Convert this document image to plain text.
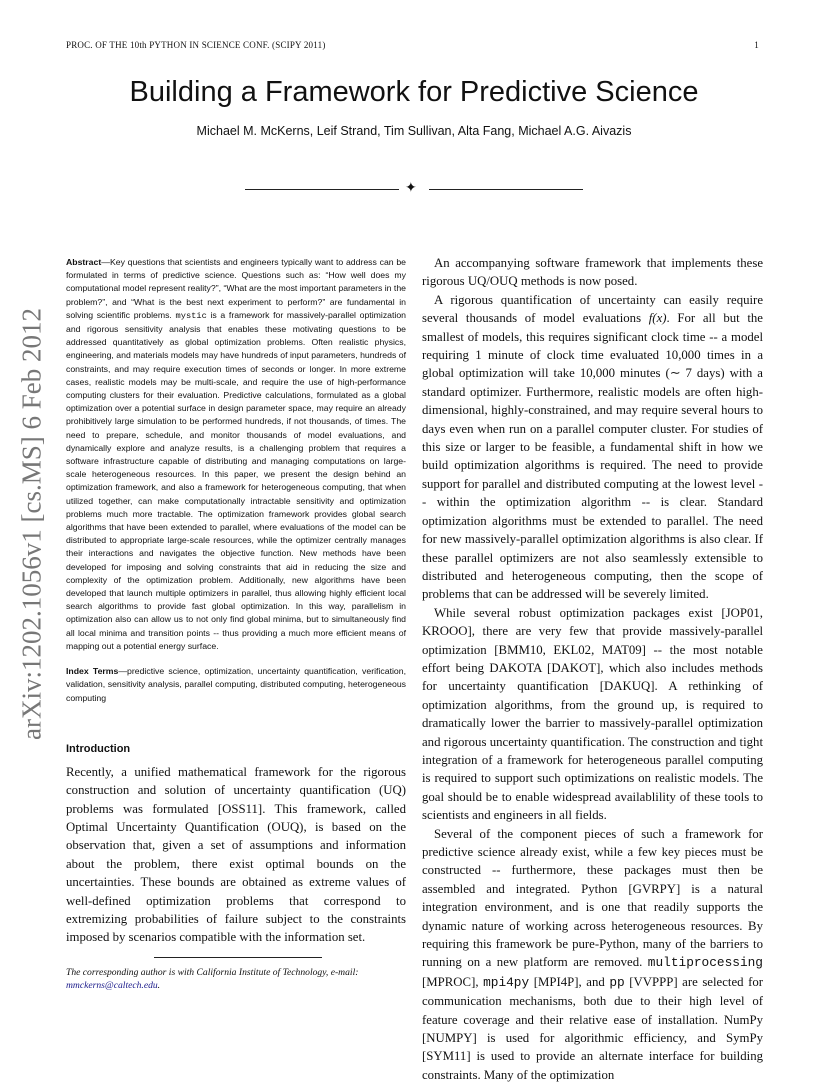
PROC. OF THE 10th PYTHON IN SCIENCE CONF. (SCIPY 2011)	1
Building a Framework for Predictive Science
Michael M. McKerns, Leif Strand, Tim Sullivan, Alta Fang, Michael A.G. Aivazis
✦
arXiv:1202.1056v1 [cs.MS] 6 Feb 2012

Abstract—Key questions that scientists and engineers typically want to address can be formulated in terms of predictive science. Questions such as: “How well does my computational model represent reality?”, “What are the most important parameters in the problem?”, and “What is the best next experiment to perform?” are fundamental in solving scientific problems. mystic is a framework for massively-parallel optimization and rigorous sensitivity analysis that enables these motivating questions to be addressed quantitatively as global optimization problems. Often realistic physics, engineering, and materials models may have hundreds of input parameters, hundreds of constraints, and may require execution times of seconds or longer. In more extreme cases, realistic models may be multi-scale, and require the use of high-performance computing clusters for their evaluation. Predictive calculations, formulated as a global optimization over a potential surface in design parameter space, may require an already prohibitively large simulation to be performed hundreds, if not thousands, of times. The need to prepare, schedule, and monitor thousands of model evaluations, and dynamically explore and analyze results, is a challenging problem that requires a software infrastructure capable of distributing and managing computations on large-scale heterogeneous resources. In this paper, we present the design behind an optimization framework, and also a framework for heterogeneous computing, that when utilized together, can make computationally intractable sensitivity and optimization problems much more tractable. The optimization framework provides global search algorithms that have been extended to parallel, where evaluations of the model can be distributed to appropriate large-scale resources, while the optimizer centrally manages their interactions and navigates the objective function. New methods have been developed for imposing and solving constraints that aid in reducing the size and complexity of the optimization problem. Additionally, new algorithms have been developed that launch multiple optimizers in parallel, thus allowing highly efficient local search algorithms to provide fast global optimization. In this way, parallelism in optimization also can allow us to not only find global minima, but to simultaneously find all local minima and transition points -- thus providing a much more efficient means of mapping out a potential energy surface.

Index Terms—predictive science, optimization, uncertainty quantification, verification, validation, sensitivity analysis, parallel computing, distributed computing, heterogeneous computing

Introduction

Recently, a unified mathematical framework for the rigorous construction and solution of uncertainty quantification (UQ) problems was formulated [OSS11]. This framework, called Optimal Uncertainty Quantification (OUQ), is based on the observation that, given a set of assumptions and information about the problem, there exist optimal bounds on the uncertainties. These bounds are obtained as extreme values of well-defined optimization problems that correspond to extremizing probabilities of failure subject to the constraints imposed by scenarios compatible with the information set.

The corresponding author is with California Institute of Technology, e-mail: mmckerns@caltech.edu.

An accompanying software framework that implements these rigorous UQ/OUQ methods is now posed.

A rigorous quantification of uncertainty can easily require several thousands of model evaluations f(x). For all but the smallest of models, this requires significant clock time -- a model requiring 1 minute of clock time evaluated 10,000 times in a global optimization will take 10,000 minutes (∼ 7 days) with a standard optimizer. Furthermore, realistic models are often high-dimensional, highly-constrained, and may require several hours to days even when run on a parallel computer cluster. For studies of this size or larger to be feasible, a fundamental shift in how we build optimization algorithms is required. The need to provide support for parallel and distributed computing at the lowest level -- within the optimization algorithm -- is clear. Standard optimization algorithms must be extended to parallel. The need for new massively-parallel optimization algorithms is also clear. If these parallel optimizers are not also seamlessly extensible to distributed and heterogeneous computing, then the scope of problems that can be addressed will be severely limited.

While several robust optimization packages exist [JOP01, KROOO], there are very few that provide massively-parallel optimization [BMM10, EKL02, MAT09] -- the most notable effort being DAKOTA [DAKOT], which also includes methods for uncertainty quantification [DAKUQ]. A rethinking of optimization algorithms, from the ground up, is required to dramatically lower the barrier to massively-parallel optimization and rigorous uncertainty quantification. The construction and tight integration of a framework for heterogeneous parallel computing is required to support such optimizations on realistic models. The goal should be to enable widespread availablility of these tools to scientists and engineers in all fields.

Several of the component pieces of such a framework for predictive science already exist, while a few key pieces must be constructed -- furthermore, these packages must then be assembled and integrated. Python [GVRPY] is a natural integration environment, and is one that readily supports the dynamic nature of working across heterogeneous resources. By requiring this framework be pure-Python, many of the barriers to running on a new platform are removed. multiprocessing [MPROC], mpi4py [MPI4P], and pp [VVPPP] are selected for communication mechanisms, both due to their high level of feature coverage and their relative ease of installation. NumPy [NUMPY] is used for algorithmic efficiency, and SymPy [SYM11] is used to provide an alternate interface for building constraints. Many of the optimization
